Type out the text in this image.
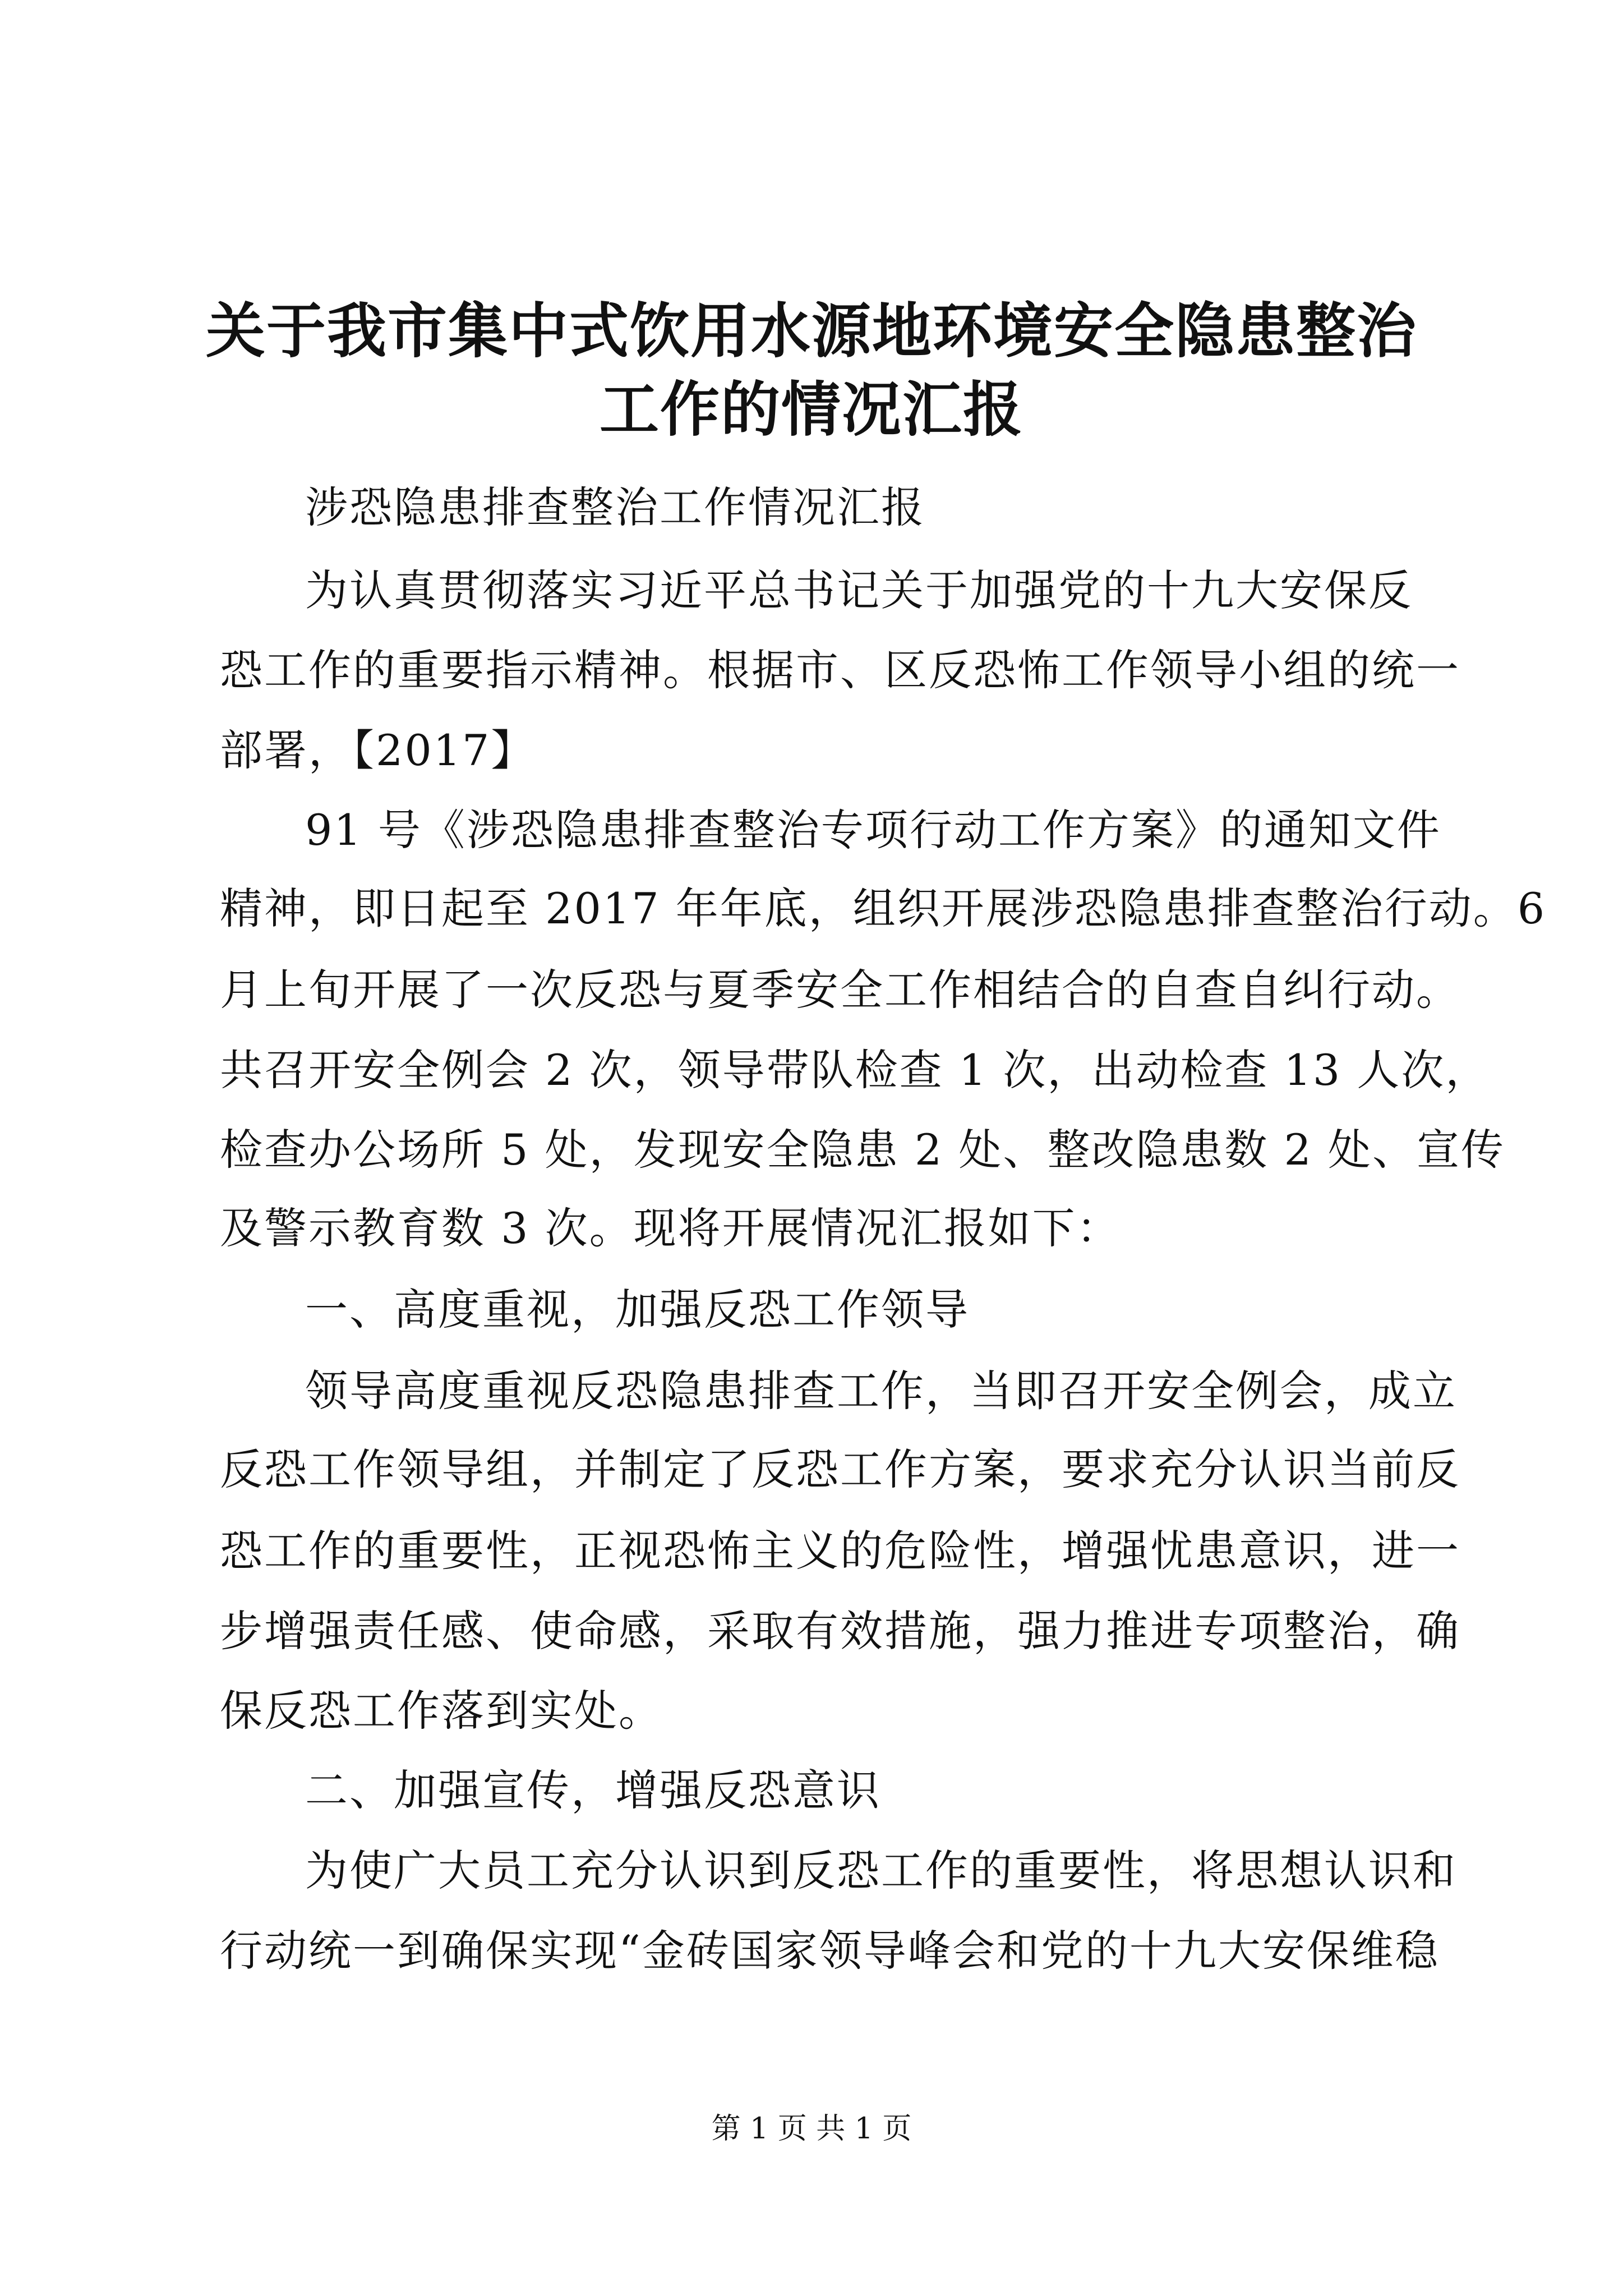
关于我市集中式饮用水源地环境安全隐患整治
工作的情况汇报

涉恐隐患排查整治工作情况汇报

为认真贯彻落实习近平总书记关于加强党的十九大安保反

恐工作的重要指示精神。根据市、区反恐怖工作领导小组的统一

部署，【2017】

91 号《涉恐隐患排查整治专项行动工作方案》的通知文件

精神，即日起至 2017 年年底，组织开展涉恐隐患排查整治行动。6

月上旬开展了一次反恐与夏季安全工作相结合的自查自纠行动。

共召开安全例会 2 次，领导带队检查 1 次，出动检查 13 人次，

检查办公场所 5 处，发现安全隐患 2 处、整改隐患数 2 处、宣传

及警示教育数 3 次。现将开展情况汇报如下：

一、高度重视，加强反恐工作领导

领导高度重视反恐隐患排查工作，当即召开安全例会，成立

反恐工作领导组，并制定了反恐工作方案，要求充分认识当前反

恐工作的重要性，正视恐怖主义的危险性，增强忧患意识，进一

步增强责任感、使命感，采取有效措施，强力推进专项整治，确

保反恐工作落到实处。

二、加强宣传，增强反恐意识

为使广大员工充分认识到反恐工作的重要性，将思想认识和

行动统一到确保实现“金砖国家领导峰会和党的十九大安保维稳

第 1 页 共 1 页
